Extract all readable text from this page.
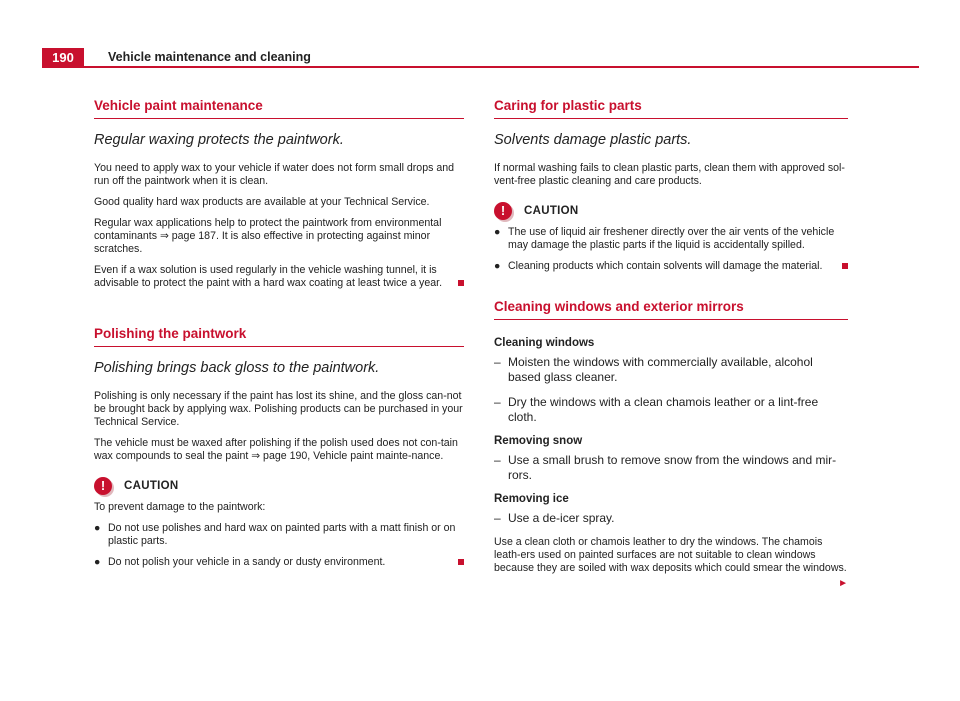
190	Vehicle maintenance and cleaning
Vehicle paint maintenance
Regular waxing protects the paintwork.

You need to apply wax to your vehicle if water does not form small drops and run off the paintwork when it is clean.

Good quality hard wax products are available at your Technical Service.

Regular wax applications help to protect the paintwork from environmental contaminants ⇒ page 187. It is also effective in protecting against minor scratches.

Even if a wax solution is used regularly in the vehicle washing tunnel, it is advisable to protect the paint with a hard wax coating at least twice a year.

Polishing the paintwork
Polishing brings back gloss to the paintwork.

Polishing is only necessary if the paint has lost its shine, and the gloss can-not be brought back by applying wax. Polishing products can be purchased in your Technical Service.

The vehicle must be waxed after polishing if the polish used does not con-tain wax compounds to seal the paint ⇒ page 190, Vehicle paint mainte-nance.

!	CAUTION

To prevent damage to the paintwork:

● Do not use polishes and hard wax on painted parts with a matt finish or on plastic parts.
● Do not polish your vehicle in a sandy or dusty environment.
Caring for plastic parts
Solvents damage plastic parts.

If normal washing fails to clean plastic parts, clean them with approved sol-vent-free plastic cleaning and care products.

!	CAUTION
● The use of liquid air freshener directly over the air vents of the vehicle may damage the plastic parts if the liquid is accidentally spilled.
● Cleaning products which contain solvents will damage the material.
Cleaning windows and exterior mirrors
Cleaning windows
– Moisten the windows with commercially available, alcohol based glass cleaner.
– Dry the windows with a clean chamois leather or a lint-free cloth.
Removing snow
– Use a small brush to remove snow from the windows and mir-rors.
Removing ice
– Use a de-icer spray.

Use a clean cloth or chamois leather to dry the windows. The chamois leath-ers used on painted surfaces are not suitable to clean windows because they are soiled with wax deposits which could smear the windows.
►
